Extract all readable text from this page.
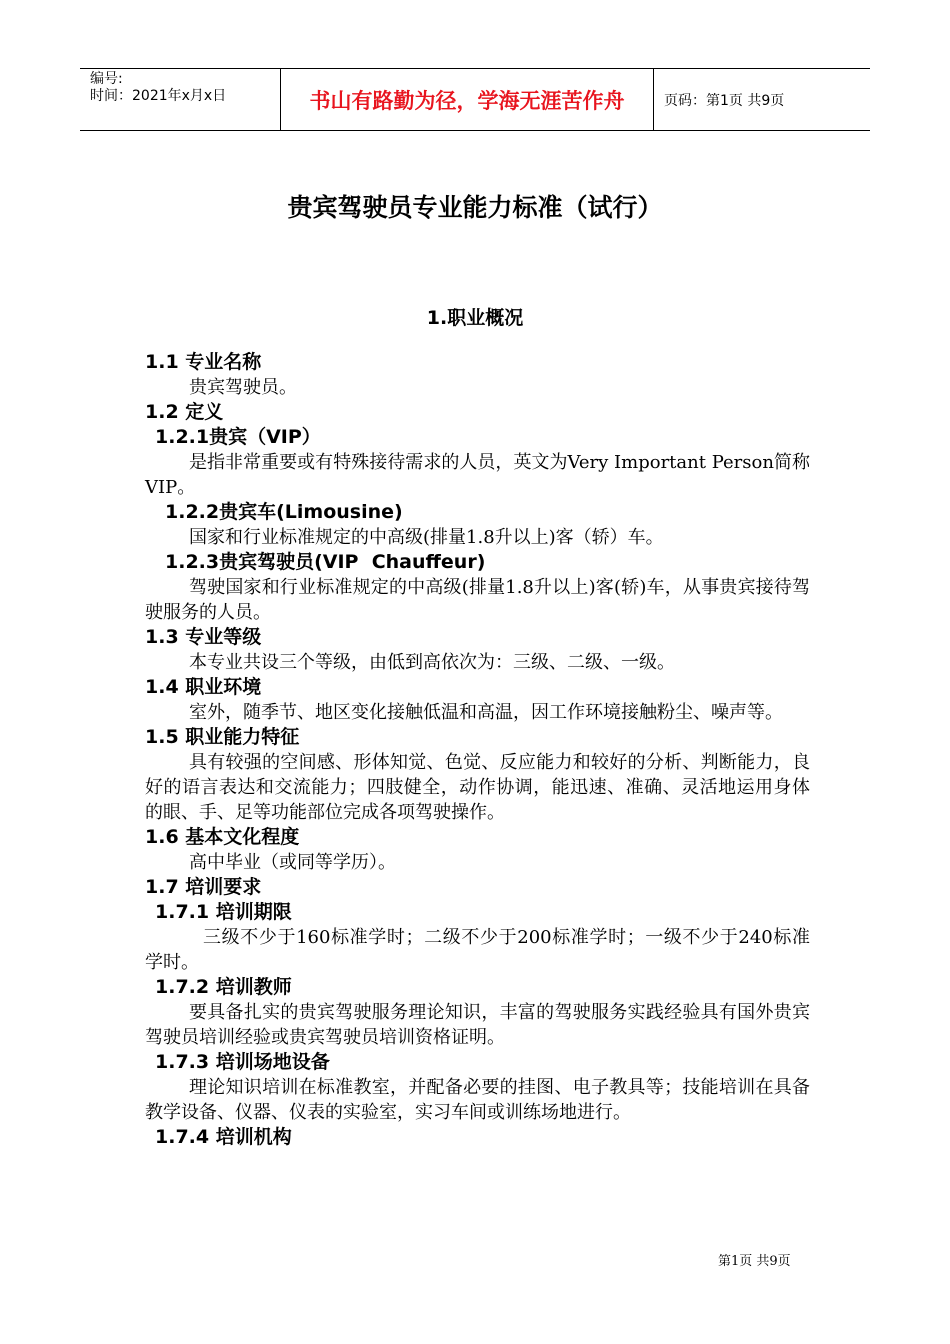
编号:
时间：2021年x月x日	书山有路勤为径，学海无涯苦作舟	页码：第1页 共9页
贵宾驾驶员专业能力标准（试行）
1.职业概况
1.1 专业名称
贵宾驾驶员。
1.2 定义
1.2.1贵宾（VIP）
是指非常重要或有特殊接待需求的人员，英文为Very Important Person简称VIP。
1.2.2贵宾车(Limousine)
国家和行业标准规定的中高级(排量1.8升以上)客（轿）车。
1.2.3贵宾驾驶员(VIP  Chauffeur)
驾驶国家和行业标准规定的中高级(排量1.8升以上)客(轿)车，从事贵宾接待驾驶服务的人员。
1.3 专业等级
本专业共设三个等级，由低到高依次为：三级、二级、一级。
1.4 职业环境
室外，随季节、地区变化接触低温和高温，因工作环境接触粉尘、噪声等。
1.5 职业能力特征
具有较强的空间感、形体知觉、色觉、反应能力和较好的分析、判断能力，良好的语言表达和交流能力；四肢健全，动作协调，能迅速、准确、灵活地运用身体的眼、手、足等功能部位完成各项驾驶操作。
1.6 基本文化程度
高中毕业（或同等学历）。
1.7 培训要求
1.7.1 培训期限
三级不少于160标准学时；二级不少于200标准学时；一级不少于240标准学时。
1.7.2 培训教师
要具备扎实的贵宾驾驶服务理论知识，丰富的驾驶服务实践经验具有国外贵宾驾驶员培训经验或贵宾驾驶员培训资格证明。
1.7.3 培训场地设备
理论知识培训在标准教室，并配备必要的挂图、电子教具等；技能培训在具备教学设备、仪器、仪表的实验室，实习车间或训练场地进行。
1.7.4 培训机构
第1页 共9页
